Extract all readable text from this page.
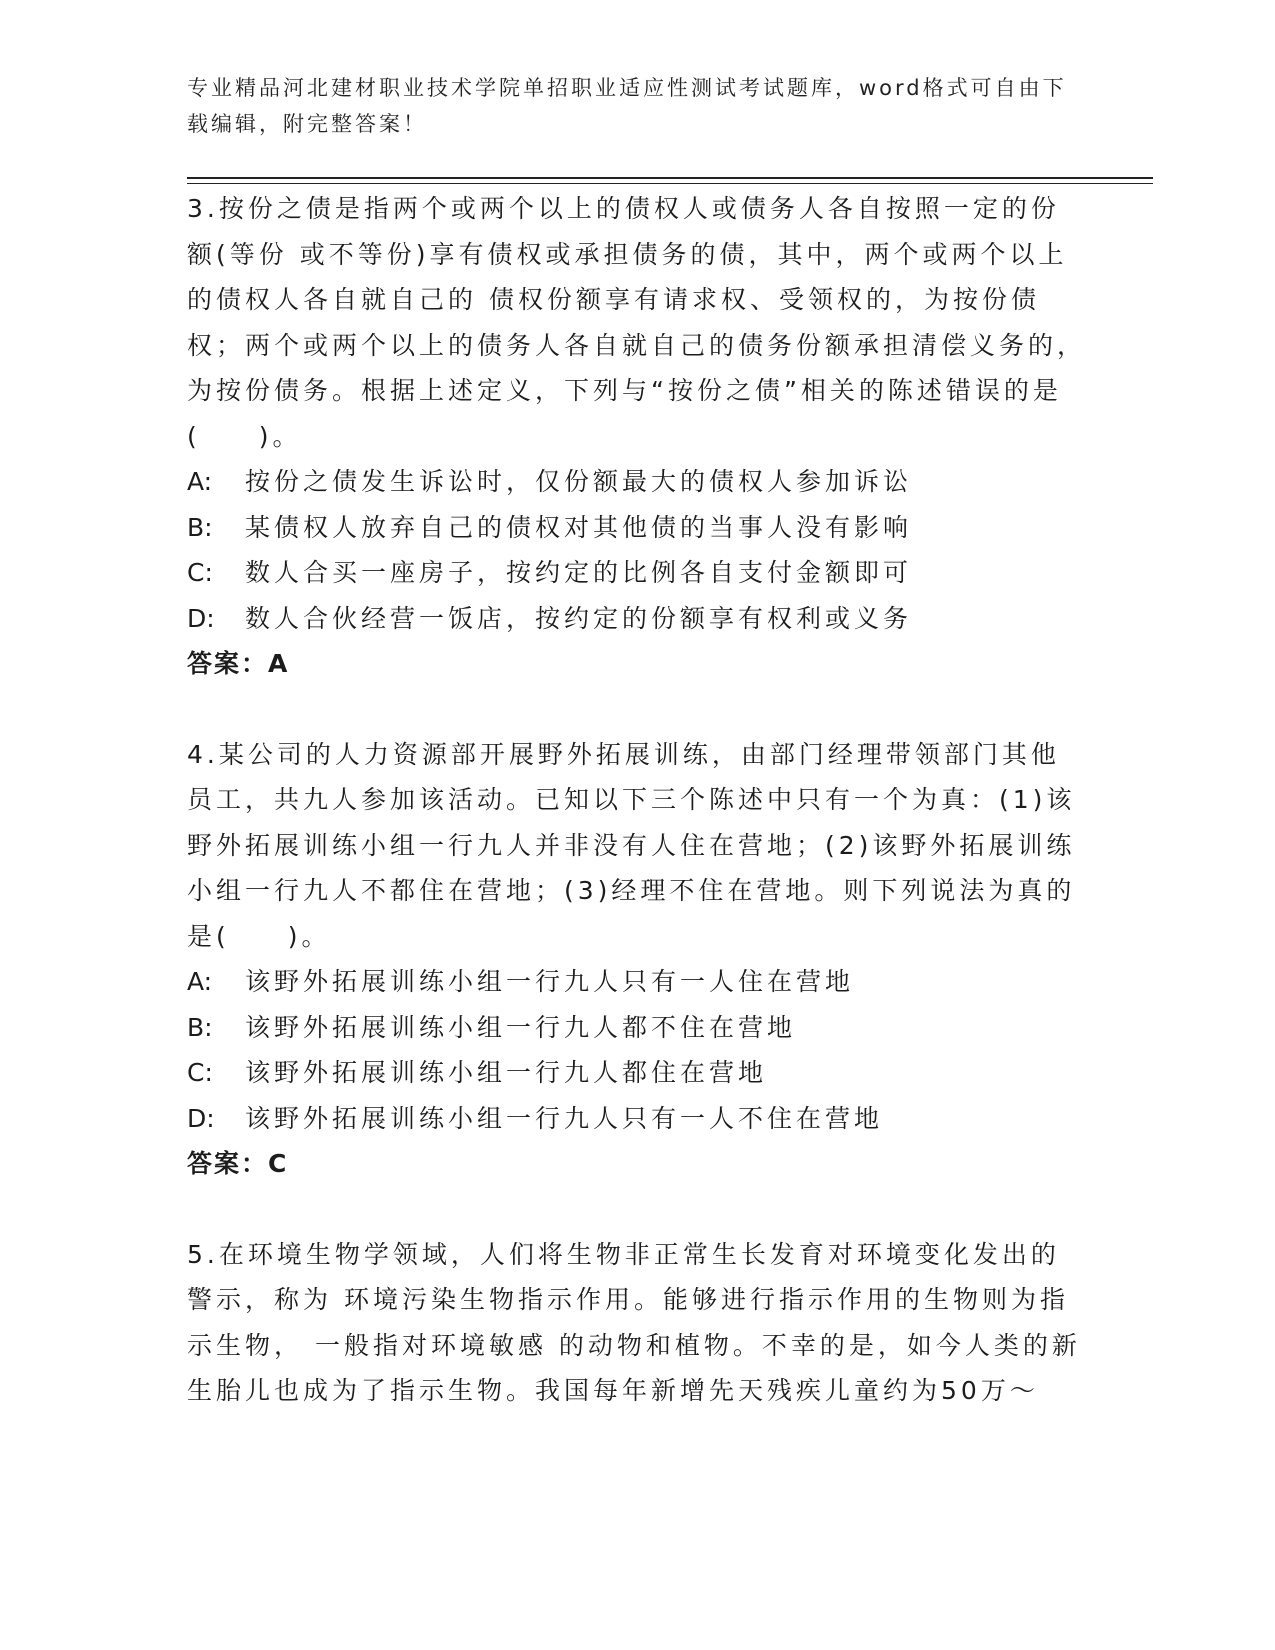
专业精品河北建材职业技术学院单招职业适应性测试考试题库，word格式可自由下载编辑，附完整答案！

3.按份之债是指两个或两个以上的债权人或债务人各自按照一定的份额(等份 或不等份)享有债权或承担债务的债，其中，两个或两个以上的债权人各自就自己的 债权份额享有请求权、受领权的，为按份债权；两个或两个以上的债务人各自就自己的债务份额承担清偿义务的，为按份债务。根据上述定义，下列与“按份之债”相关的陈述错误的是(　　)。

A: 按份之债发生诉讼时，仅份额最大的债权人参加诉讼

B: 某债权人放弃自己的债权对其他债的当事人没有影响

C: 数人合买一座房子，按约定的比例各自支付金额即可

D: 数人合伙经营一饭店，按约定的份额享有权利或义务

答案：A

4.某公司的人力资源部开展野外拓展训练，由部门经理带领部门其他员工，共九人参加该活动。已知以下三个陈述中只有一个为真：(1)该野外拓展训练小组一行九人并非没有人住在营地；(2)该野外拓展训练小组一行九人不都住在营地；(3)经理不住在营地。则下列说法为真的是(　　)。

A: 该野外拓展训练小组一行九人只有一人住在营地

B: 该野外拓展训练小组一行九人都不住在营地

C: 该野外拓展训练小组一行九人都住在营地

D: 该野外拓展训练小组一行九人只有一人不住在营地

答案：C

5.在环境生物学领域，人们将生物非正常生长发育对环境变化发出的警示，称为 环境污染生物指示作用。能够进行指示作用的生物则为指示生物， 一般指对环境敏感 的动物和植物。不幸的是，如今人类的新生胎儿也成为了指示生物。我国每年新增先天残疾儿童约为50万～
